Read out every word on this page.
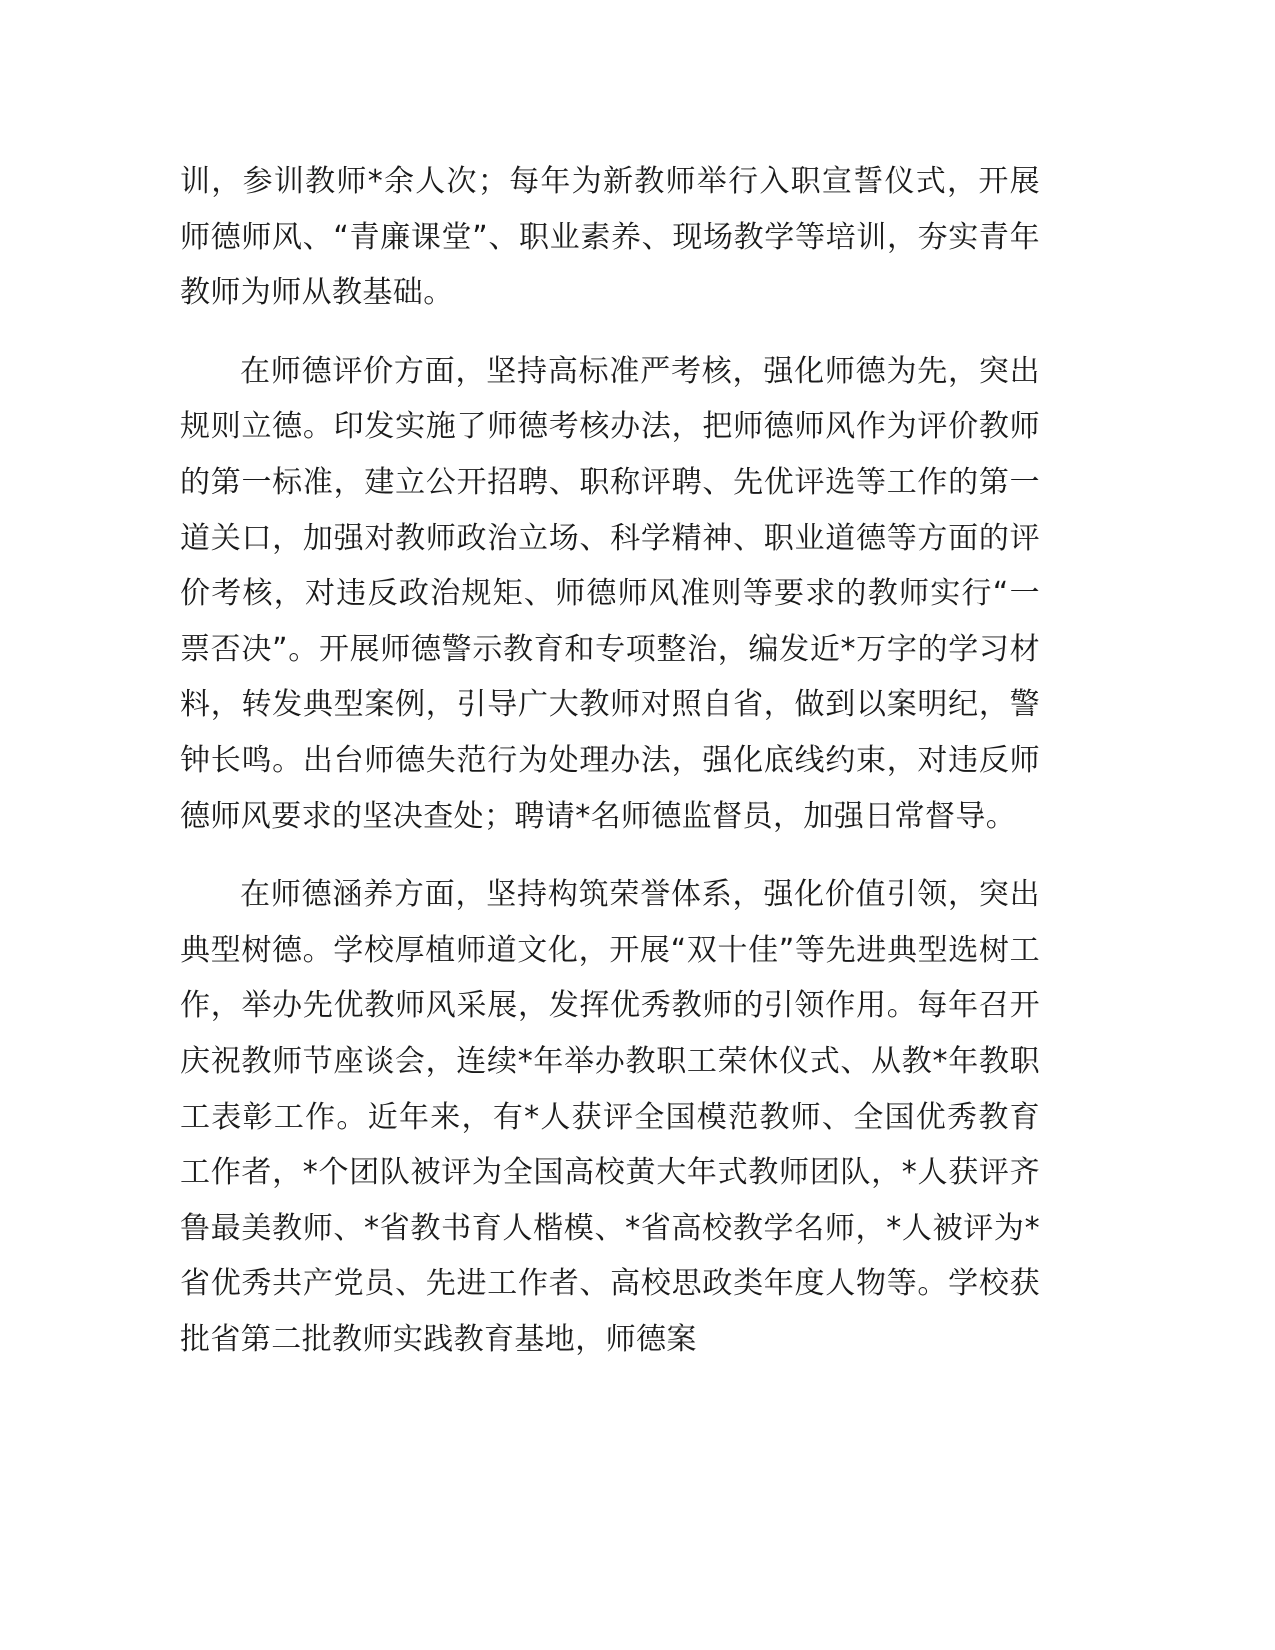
训，参训教师*余人次；每年为新教师举行入职宣誓仪式，开展师德师风、“青廉课堂”、职业素养、现场教学等培训，夯实青年教师为师从教基础。

在师德评价方面，坚持高标准严考核，强化师德为先，突出规则立德。印发实施了师德考核办法，把师德师风作为评价教师的第一标准，建立公开招聘、职称评聘、先优评选等工作的第一道关口，加强对教师政治立场、科学精神、职业道德等方面的评价考核，对违反政治规矩、师德师风准则等要求的教师实行“一票否决”。开展师德警示教育和专项整治，编发近*万字的学习材料，转发典型案例，引导广大教师对照自省，做到以案明纪，警钟长鸣。出台师德失范行为处理办法，强化底线约束，对违反师德师风要求的坚决查处；聘请*名师德监督员，加强日常督导。

在师德涵养方面，坚持构筑荣誉体系，强化价值引领，突出典型树德。学校厚植师道文化，开展“双十佳”等先进典型选树工作，举办先优教师风采展，发挥优秀教师的引领作用。每年召开庆祝教师节座谈会，连续*年举办教职工荣休仪式、从教*年教职工表彰工作。近年来，有*人获评全国模范教师、全国优秀教育工作者，*个团队被评为全国高校黄大年式教师团队，*人获评齐鲁最美教师、*省教书育人楷模、*省高校教学名师，*人被评为*省优秀共产党员、先进工作者、高校思政类年度人物等。学校获批省第二批教师实践教育基地，师德案
